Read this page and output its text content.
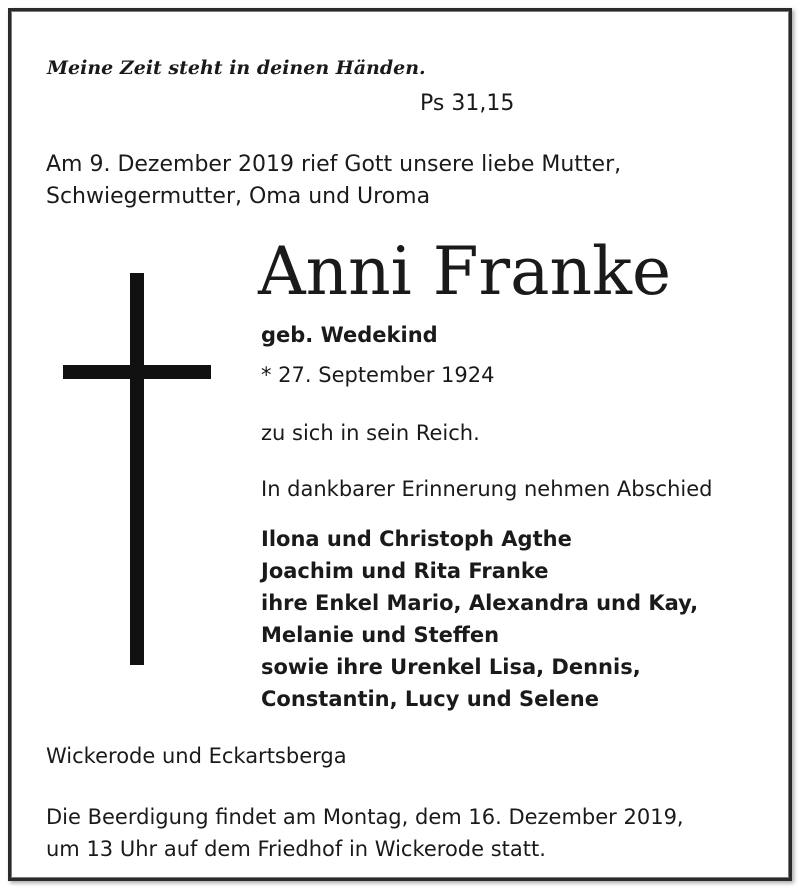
Meine Zeit steht in deinen Händen.
Ps 31,15
Am 9. Dezember 2019 rief Gott unsere liebe Mutter,
Schwiegermutter, Oma und Uroma
Anni Franke
geb. Wedekind
* 27. September 1924
zu sich in sein Reich.
In dankbarer Erinnerung nehmen Abschied
Ilona und Christoph Agthe
Joachim und Rita Franke
ihre Enkel Mario, Alexandra und Kay,
Melanie und Steffen
sowie ihre Urenkel Lisa, Dennis,
Constantin, Lucy und Selene
Wickerode und Eckartsberga
Die Beerdigung findet am Montag, dem 16. Dezember 2019,
um 13 Uhr auf dem Friedhof in Wickerode statt.
